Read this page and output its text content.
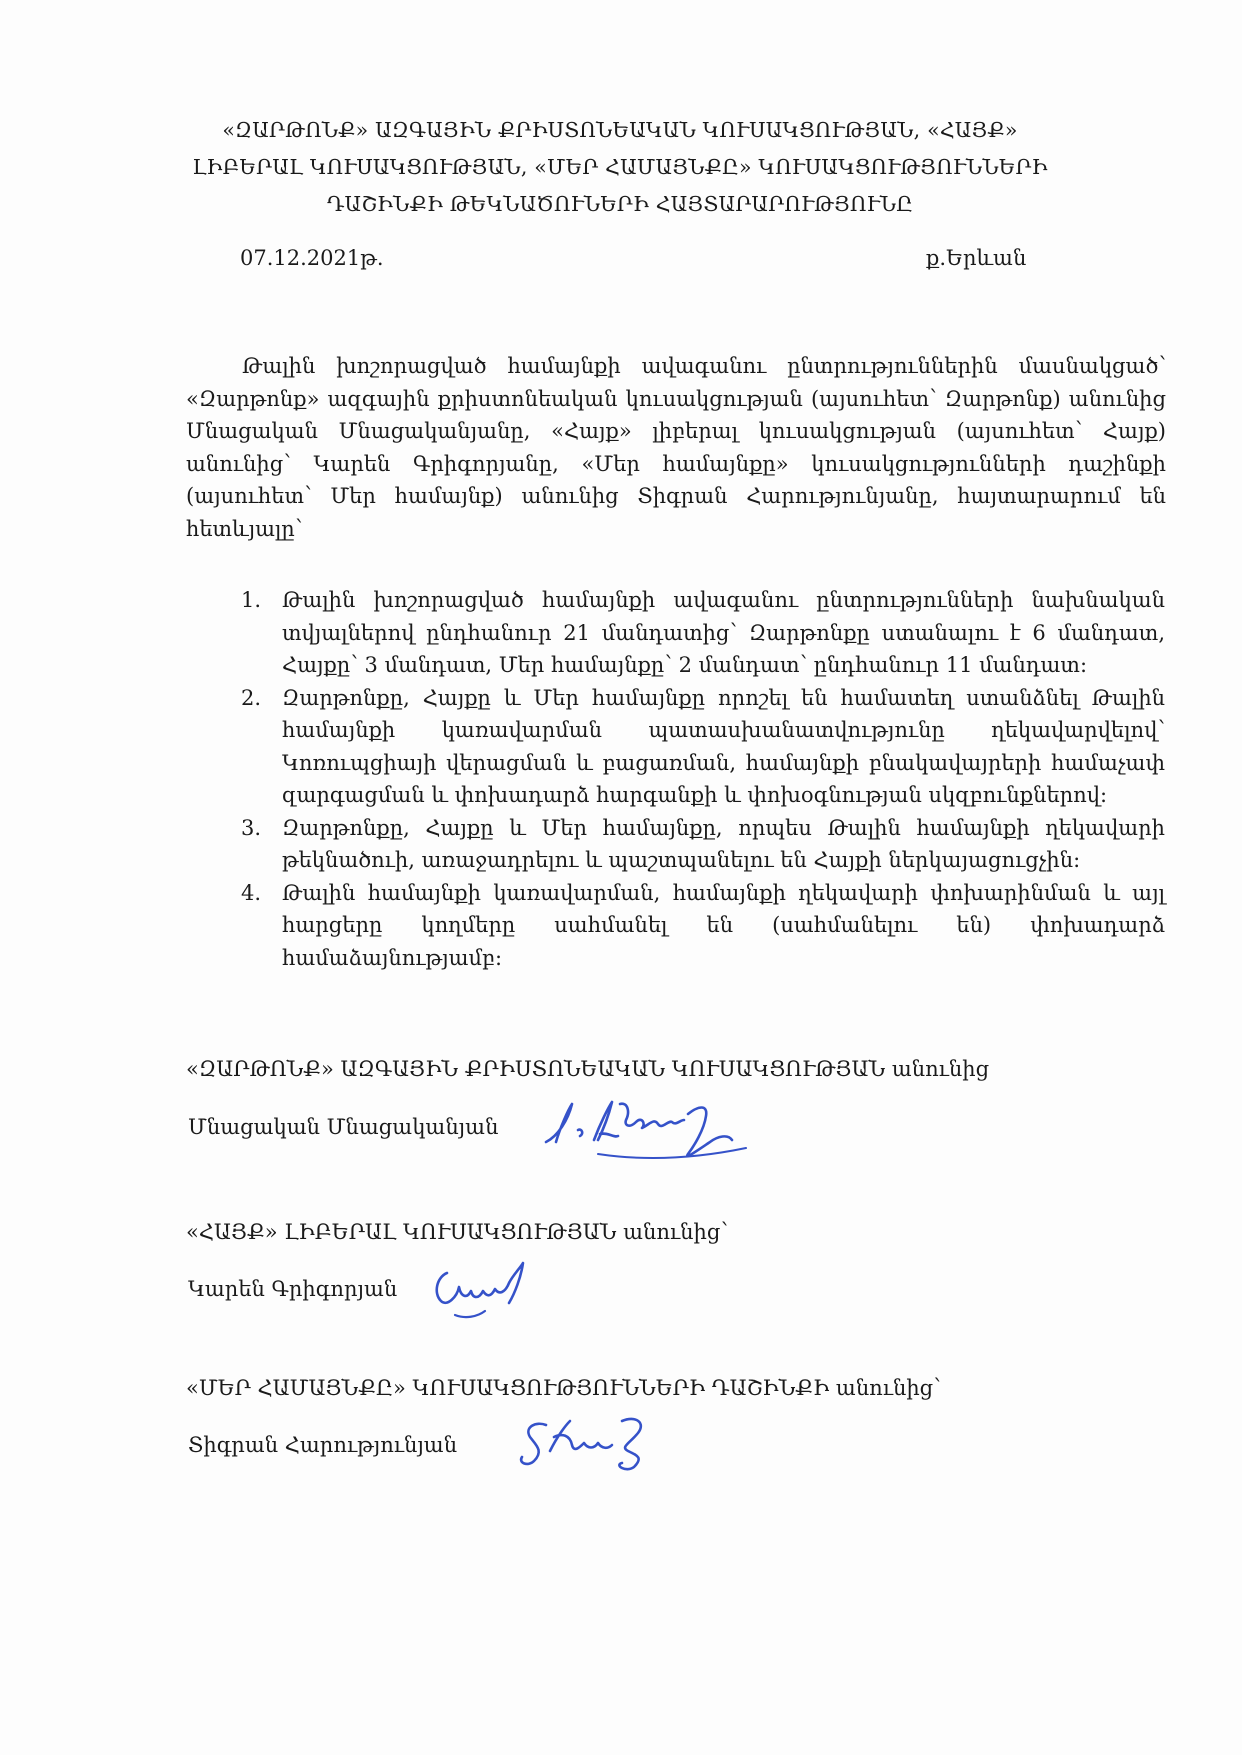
«ԶԱՐԹՈՆՔ» ԱԶԳԱՅԻՆ ՔՐԻՍՏՈՆԵԱԿԱՆ ԿՈՒՍԱԿՑՈՒԹՅԱՆ, «ՀԱՅՔ» ԼԻԲԵՐԱԼ ԿՈՒՍԱԿՑՈՒԹՅԱՆ, «ՄԵՐ ՀԱՄԱՅՆՔԸ» ԿՈՒՍԱԿՑՈՒԹՅՈՒՆՆԵՐԻ ԴԱՇԻՆՔԻ ԹԵԿՆԱԾՈՒՆԵՐԻ ՀԱՅՏԱՐԱՐՈՒԹՅՈՒՆԸ
07.12.2021թ.	ք.Երևան
Թալին խոշորացված համայնքի ավագանու ընտրություններին մասնակցած՝ «Զարթոնք» ազգային քրիստոնեական կուսակցության (այսուհետ՝ Զարթոնք) անունից Մնացական Մնացականյանը, «Հայք» լիբերալ կուսակցության (այսուհետ՝ Հայք) անունից՝ Կարեն Գրիգորյանը, «Մեր համայնքը» կուսակցությունների դաշինքի (այսուհետ՝ Մեր համայնք) անունից Տիգրան Հարությունյանը, հայտարարում են հետևյալը՝
1. Թալին խոշորացված համայնքի ավագանու ընտրությունների նախնական տվյալներով ընդհանուր 21 մանդատից՝ Զարթոնքը ստանալու է 6 մանդատ, Հայքը՝ 3 մանդատ, Մեր համայնքը՝ 2 մանդատ՝ ընդհանուր 11 մանդատ:
2. Զարթոնքը, Հայքը և Մեր համայնքը որոշել են համատեղ ստանձնել Թալին համայնքի կառավարման պատասխանատվությունը ղեկավարվելով՝ Կոռուպցիայի վերացման և բացառման, համայնքի բնակավայրերի համաչափ զարգացման և փոխադարձ հարգանքի և փոխօգնության սկզբունքներով:
3. Զարթոնքը, Հայքը և Մեր համայնքը, որպես Թալին համայնքի ղեկավարի թեկնածուի, առաջադրելու և պաշտպանելու են Հայքի ներկայացուցչին:
4. Թալին համայնքի կառավարման, համայնքի ղեկավարի փոխարինման և այլ հարցերը կողմերը սահմանել են (սահմանելու են) փոխադարձ համաձայնությամբ:
«ԶԱՐԹՈՆՔ» ԱԶԳԱՅԻՆ ՔՐԻՍՏՈՆԵԱԿԱՆ ԿՈՒՍԱԿՑՈՒԹՅԱՆ անունից
Մնացական Մնացականյան
«ՀԱՅՔ» ԼԻԲԵՐԱԼ ԿՈՒՍԱԿՑՈՒԹՅԱՆ անունից՝
Կարեն Գրիգորյան
«ՄԵՐ ՀԱՄԱՅՆՔԸ» ԿՈՒՍԱԿՑՈՒԹՅՈՒՆՆԵՐԻ ԴԱՇԻՆՔԻ անունից՝
Տիգրան Հարությունյան
